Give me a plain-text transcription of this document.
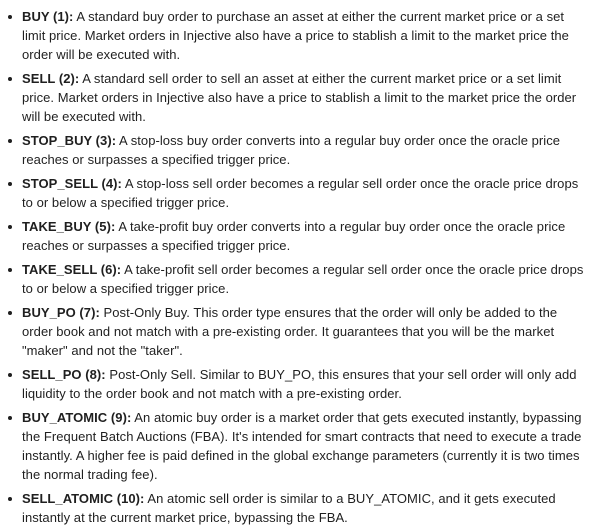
BUY (1): A standard buy order to purchase an asset at either the current market price or a set limit price. Market orders in Injective also have a price to stablish a limit to the market price the order will be executed with.
SELL (2): A standard sell order to sell an asset at either the current market price or a set limit price. Market orders in Injective also have a price to stablish a limit to the market price the order will be executed with.
STOP_BUY (3): A stop-loss buy order converts into a regular buy order once the oracle price reaches or surpasses a specified trigger price.
STOP_SELL (4): A stop-loss sell order becomes a regular sell order once the oracle price drops to or below a specified trigger price.
TAKE_BUY (5): A take-profit buy order converts into a regular buy order once the oracle price reaches or surpasses a specified trigger price.
TAKE_SELL (6): A take-profit sell order becomes a regular sell order once the oracle price drops to or below a specified trigger price.
BUY_PO (7): Post-Only Buy. This order type ensures that the order will only be added to the order book and not match with a pre-existing order. It guarantees that you will be the market "maker" and not the "taker".
SELL_PO (8): Post-Only Sell. Similar to BUY_PO, this ensures that your sell order will only add liquidity to the order book and not match with a pre-existing order.
BUY_ATOMIC (9): An atomic buy order is a market order that gets executed instantly, bypassing the Frequent Batch Auctions (FBA). It's intended for smart contracts that need to execute a trade instantly. A higher fee is paid defined in the global exchange parameters (currently it is two times the normal trading fee).
SELL_ATOMIC (10): An atomic sell order is similar to a BUY_ATOMIC, and it gets executed instantly at the current market price, bypassing the FBA.
